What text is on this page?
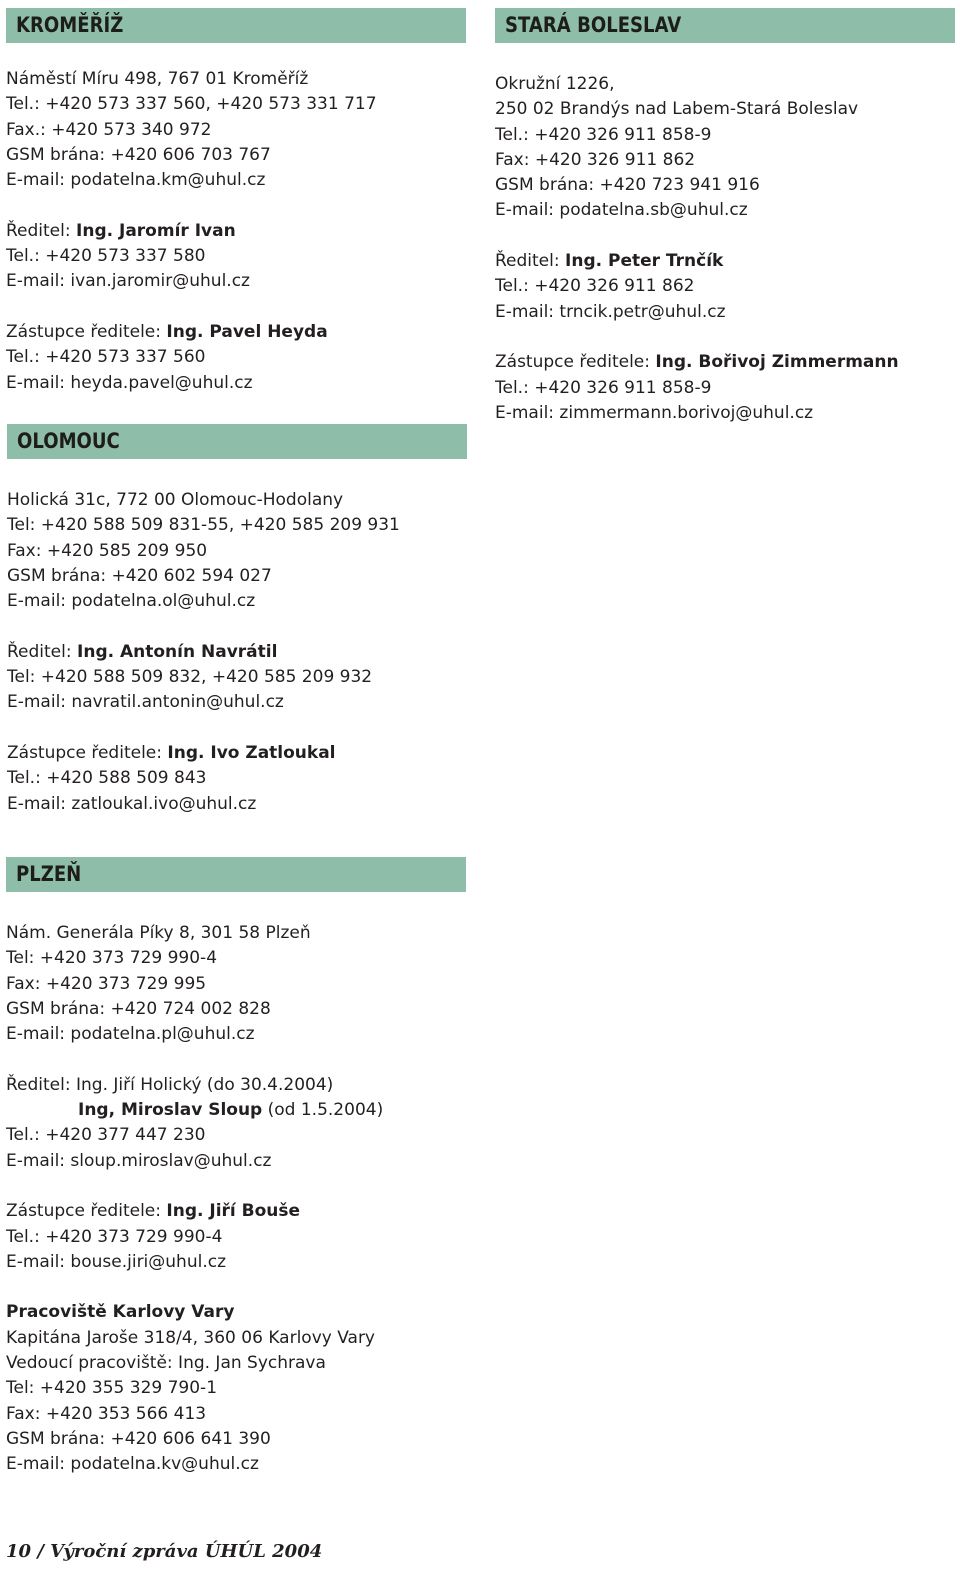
KROMĚŘÍŽ
Náměstí Míru 498, 767 01 Kroměříž
Tel.: +420 573 337 560, +420 573 331 717
Fax.: +420 573 340 972
GSM brána: +420 606 703 767
E-mail: podatelna.km@uhul.cz
Ředitel: Ing. Jaromír Ivan
Tel.: +420 573 337 580
E-mail: ivan.jaromir@uhul.cz
Zástupce ředitele: Ing. Pavel Heyda
Tel.: +420 573 337 560
E-mail: heyda.pavel@uhul.cz
STARÁ BOLESLAV
Okružní 1226,
250 02 Brandýs nad Labem-Stará Boleslav
Tel.: +420 326 911 858-9
Fax: +420 326 911 862
GSM brána: +420 723 941 916
E-mail: podatelna.sb@uhul.cz
Ředitel: Ing. Peter Trnčík
Tel.: +420 326 911 862
E-mail: trncik.petr@uhul.cz
Zástupce ředitele: Ing. Bořivoj Zimmermann
Tel.: +420 326 911 858-9
E-mail: zimmermann.borivoj@uhul.cz
OLOMOUC
Holická 31c, 772 00 Olomouc-Hodolany
Tel: +420 588 509 831-55, +420 585 209 931
Fax: +420 585 209 950
GSM brána: +420 602 594 027
E-mail: podatelna.ol@uhul.cz
Ředitel: Ing. Antonín Navrátil
Tel: +420 588 509 832, +420 585 209 932
E-mail: navratil.antonin@uhul.cz
Zástupce ředitele: Ing. Ivo Zatloukal
Tel.: +420 588 509 843
E-mail: zatloukal.ivo@uhul.cz
PLZEŇ
Nám. Generála Píky 8, 301 58 Plzeň
Tel: +420 373 729 990-4
Fax: +420 373 729 995
GSM brána: +420 724 002 828
E-mail: podatelna.pl@uhul.cz
Ředitel: Ing. Jiří Holický (do 30.4.2004)
Ing, Miroslav Sloup (od 1.5.2004)
Tel.: +420 377 447 230
E-mail: sloup.miroslav@uhul.cz
Zástupce ředitele: Ing. Jiří Bouše
Tel.: +420 373 729 990-4
E-mail: bouse.jiri@uhul.cz
Pracoviště Karlovy Vary
Kapitána Jaroše 318/4, 360 06 Karlovy Vary
Vedoucí pracoviště: Ing. Jan Sychrava
Tel: +420 355 329 790-1
Fax: +420 353 566 413
GSM brána: +420 606 641 390
E-mail: podatelna.kv@uhul.cz
10 / Výroční zpráva ÚHÚL 2004
